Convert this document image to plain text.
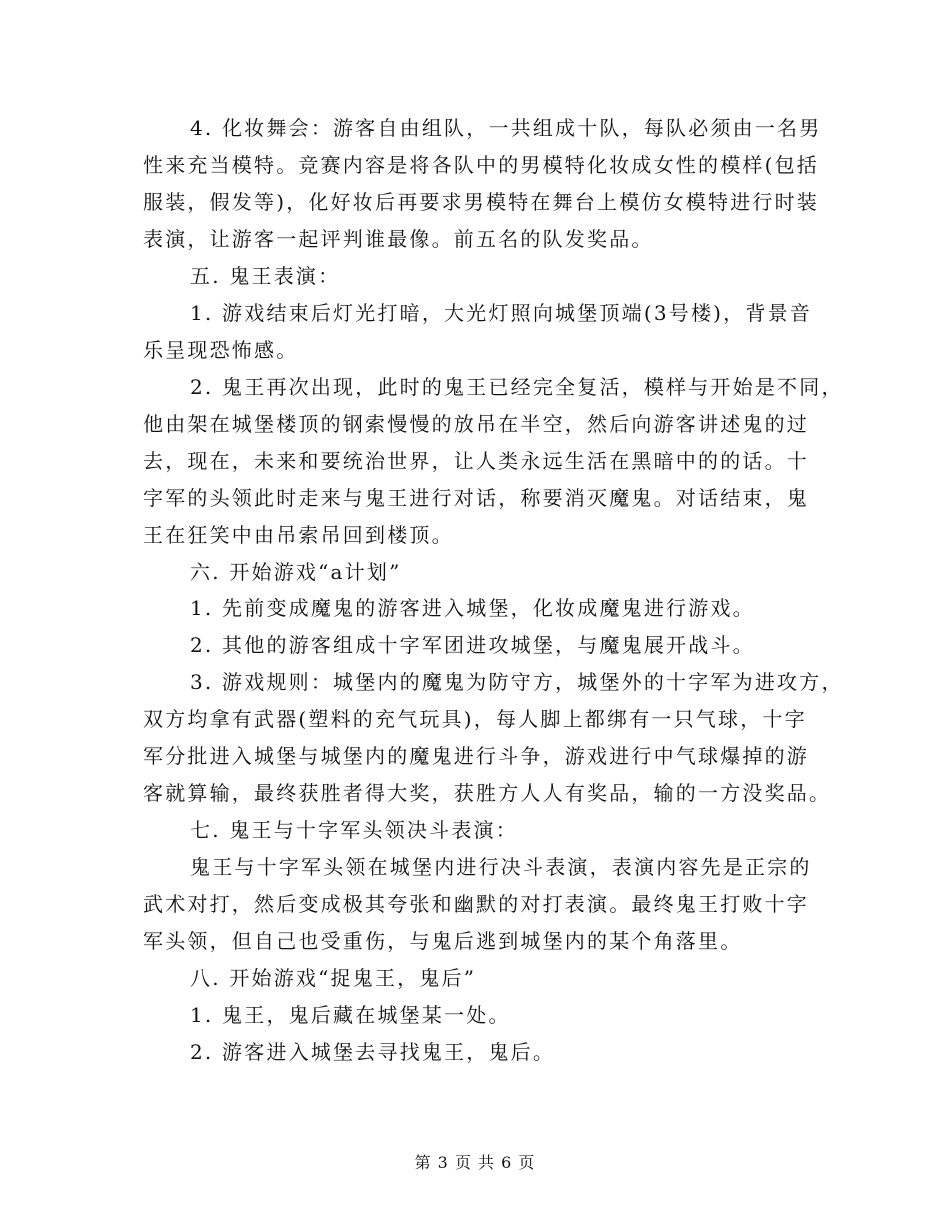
4. 化妆舞会：游客自由组队，一共组成十队，每队必须由一名男
性来充当模特。竞赛内容是将各队中的男模特化妆成女性的模样(包括
服装，假发等)，化好妆后再要求男模特在舞台上模仿女模特进行时装
表演，让游客一起评判谁最像。前五名的队发奖品。
五. 鬼王表演：
1. 游戏结束后灯光打暗，大光灯照向城堡顶端(3号楼)，背景音
乐呈现恐怖感。
2. 鬼王再次出现，此时的鬼王已经完全复活，模样与开始是不同，
他由架在城堡楼顶的钢索慢慢的放吊在半空，然后向游客讲述鬼的过
去，现在，未来和要统治世界，让人类永远生活在黑暗中的的话。十
字军的头领此时走来与鬼王进行对话，称要消灭魔鬼。对话结束，鬼
王在狂笑中由吊索吊回到楼顶。
六. 开始游戏“a计划”
1. 先前变成魔鬼的游客进入城堡，化妆成魔鬼进行游戏。
2. 其他的游客组成十字军团进攻城堡，与魔鬼展开战斗。
3. 游戏规则：城堡内的魔鬼为防守方，城堡外的十字军为进攻方，
双方均拿有武器(塑料的充气玩具)，每人脚上都绑有一只气球，十字
军分批进入城堡与城堡内的魔鬼进行斗争，游戏进行中气球爆掉的游
客就算输，最终获胜者得大奖，获胜方人人有奖品，输的一方没奖品。
七. 鬼王与十字军头领决斗表演：
鬼王与十字军头领在城堡内进行决斗表演，表演内容先是正宗的
武术对打，然后变成极其夸张和幽默的对打表演。最终鬼王打败十字
军头领，但自己也受重伤，与鬼后逃到城堡内的某个角落里。
八. 开始游戏“捉鬼王，鬼后”
1. 鬼王，鬼后藏在城堡某一处。
2. 游客进入城堡去寻找鬼王，鬼后。
第 3 页 共 6 页
